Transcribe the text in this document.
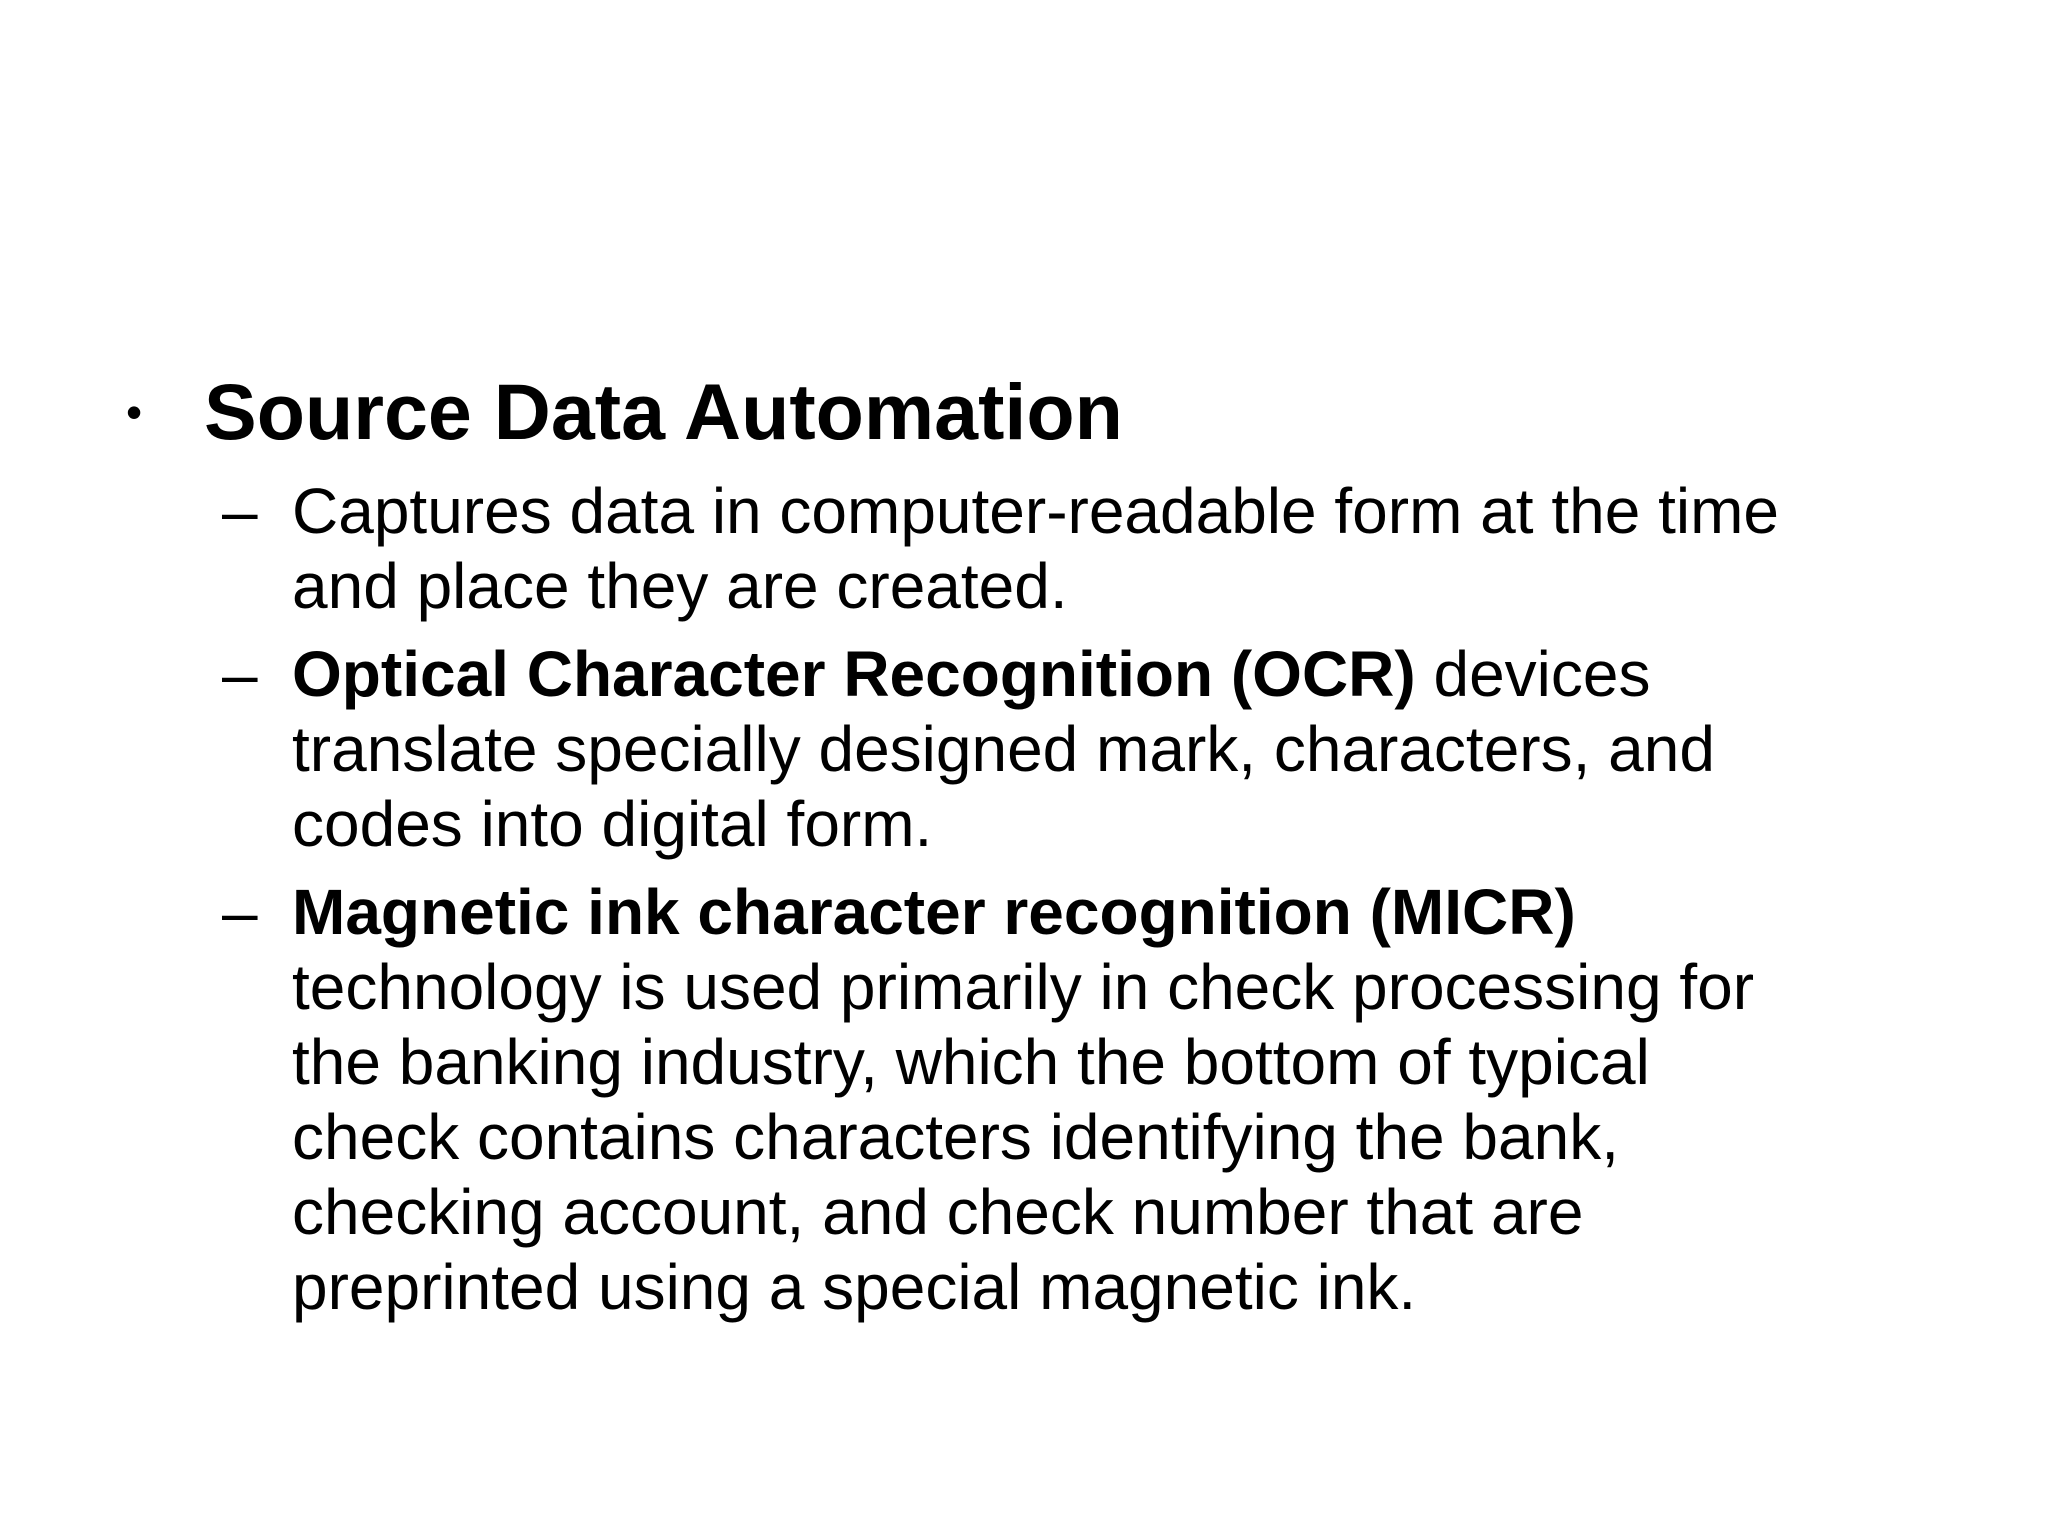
• Source Data Automation
– Captures data in computer-readable form at the time
and place they are created.
– Optical Character Recognition (OCR) devices
translate specially designed mark, characters, and
codes into digital form.
– Magnetic ink character recognition (MICR)
technology is used primarily in check processing for
the banking industry, which the bottom of typical
check contains characters identifying the bank,
checking account, and check number that are
preprinted using a special magnetic ink.
